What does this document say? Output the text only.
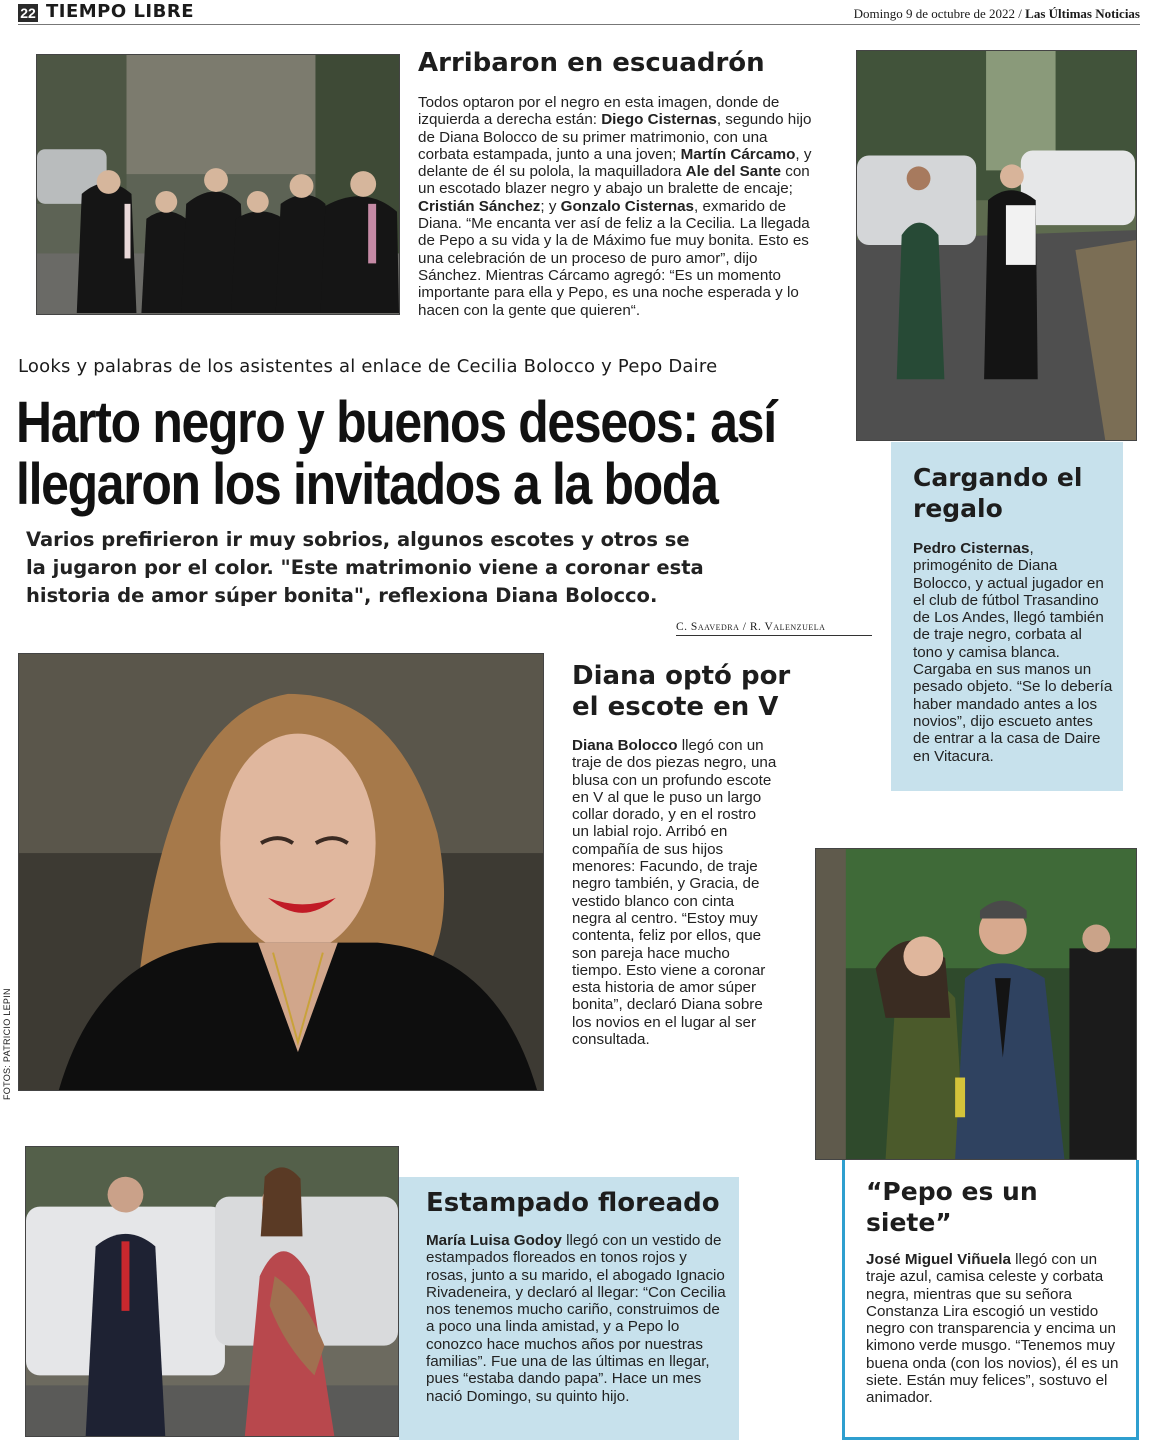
22 TIEMPO LIBRE	Domingo 9 de octubre de 2022 / Las Últimas Noticias
Arribaron en escuadrón
Todos optaron por el negro en esta imagen, donde de izquierda a derecha están: Diego Cisternas, segundo hijo de Diana Bolocco de su primer matrimonio, con una corbata estampada, junto a una joven; Martín Cárcamo, y delante de él su polola, la maquilladora Ale del Sante con un escotado blazer negro y abajo un bralette de encaje; Cristián Sánchez; y Gonzalo Cisternas, exmarido de Diana. “Me encanta ver así de feliz a la Cecilia. La llegada de Pepo a su vida y la de Máximo fue muy bonita. Esto es una celebración de un proceso de puro amor”, dijo Sánchez. Mientras Cárcamo agregó: “Es un momento importante para ella y Pepo, es una noche esperada y lo hacen con la gente que quieren“.
Looks y palabras de los asistentes al enlace de Cecilia Bolocco y Pepo Daire
Harto negro y buenos deseos: así
llegaron los invitados a la boda
Varios prefirieron ir muy sobrios, algunos escotes y otros se la jugaron por el color. "Este matrimonio viene a coronar esta historia de amor súper bonita", reflexiona Diana Bolocco.
C. Saavedra / R. Valenzuela
Cargando el regalo
Pedro Cisternas, primogénito de Diana Bolocco, y actual jugador en el club de fútbol Trasandino de Los Andes, llegó también de traje negro, corbata al tono y camisa blanca. Cargaba en sus manos un pesado objeto. “Se lo debería haber mandado antes a los novios”, dijo escueto antes de entrar a la casa de Daire en Vitacura.
FOTOS: PATRICIO LEPIN
Diana optó por el escote en V
Diana Bolocco llegó con un traje de dos piezas negro, una blusa con un profundo escote en V al que le puso un largo collar dorado, y en el rostro un labial rojo. Arribó en compañía de sus hijos menores: Facundo, de traje negro también, y Gracia, de vestido blanco con cinta negra al centro. “Estoy muy contenta, feliz por ellos, que son pareja hace mucho tiempo. Esto viene a coronar esta historia de amor súper bonita”, declaró Diana sobre los novios en el lugar al ser consultada.
Estampado floreado
María Luisa Godoy llegó con un vestido de estampados floreados en tonos rojos y rosas, junto a su marido, el abogado Ignacio Rivadeneira, y declaró al llegar: “Con Cecilia nos tenemos mucho cariño, construimos de a poco una linda amistad, y a Pepo lo conozco hace muchos años por nuestras familias”. Fue una de las últimas en llegar, pues “estaba dando papa”. Hace un mes nació Domingo, su quinto hijo.
“Pepo es un siete”
José Miguel Viñuela llegó con un traje azul, camisa celeste y corbata negra, mientras que su señora Constanza Lira escogió un vestido negro con transparencia y encima un kimono verde musgo. “Tenemos muy buena onda (con los novios), él es un siete. Están muy felices”, sostuvo el animador.
